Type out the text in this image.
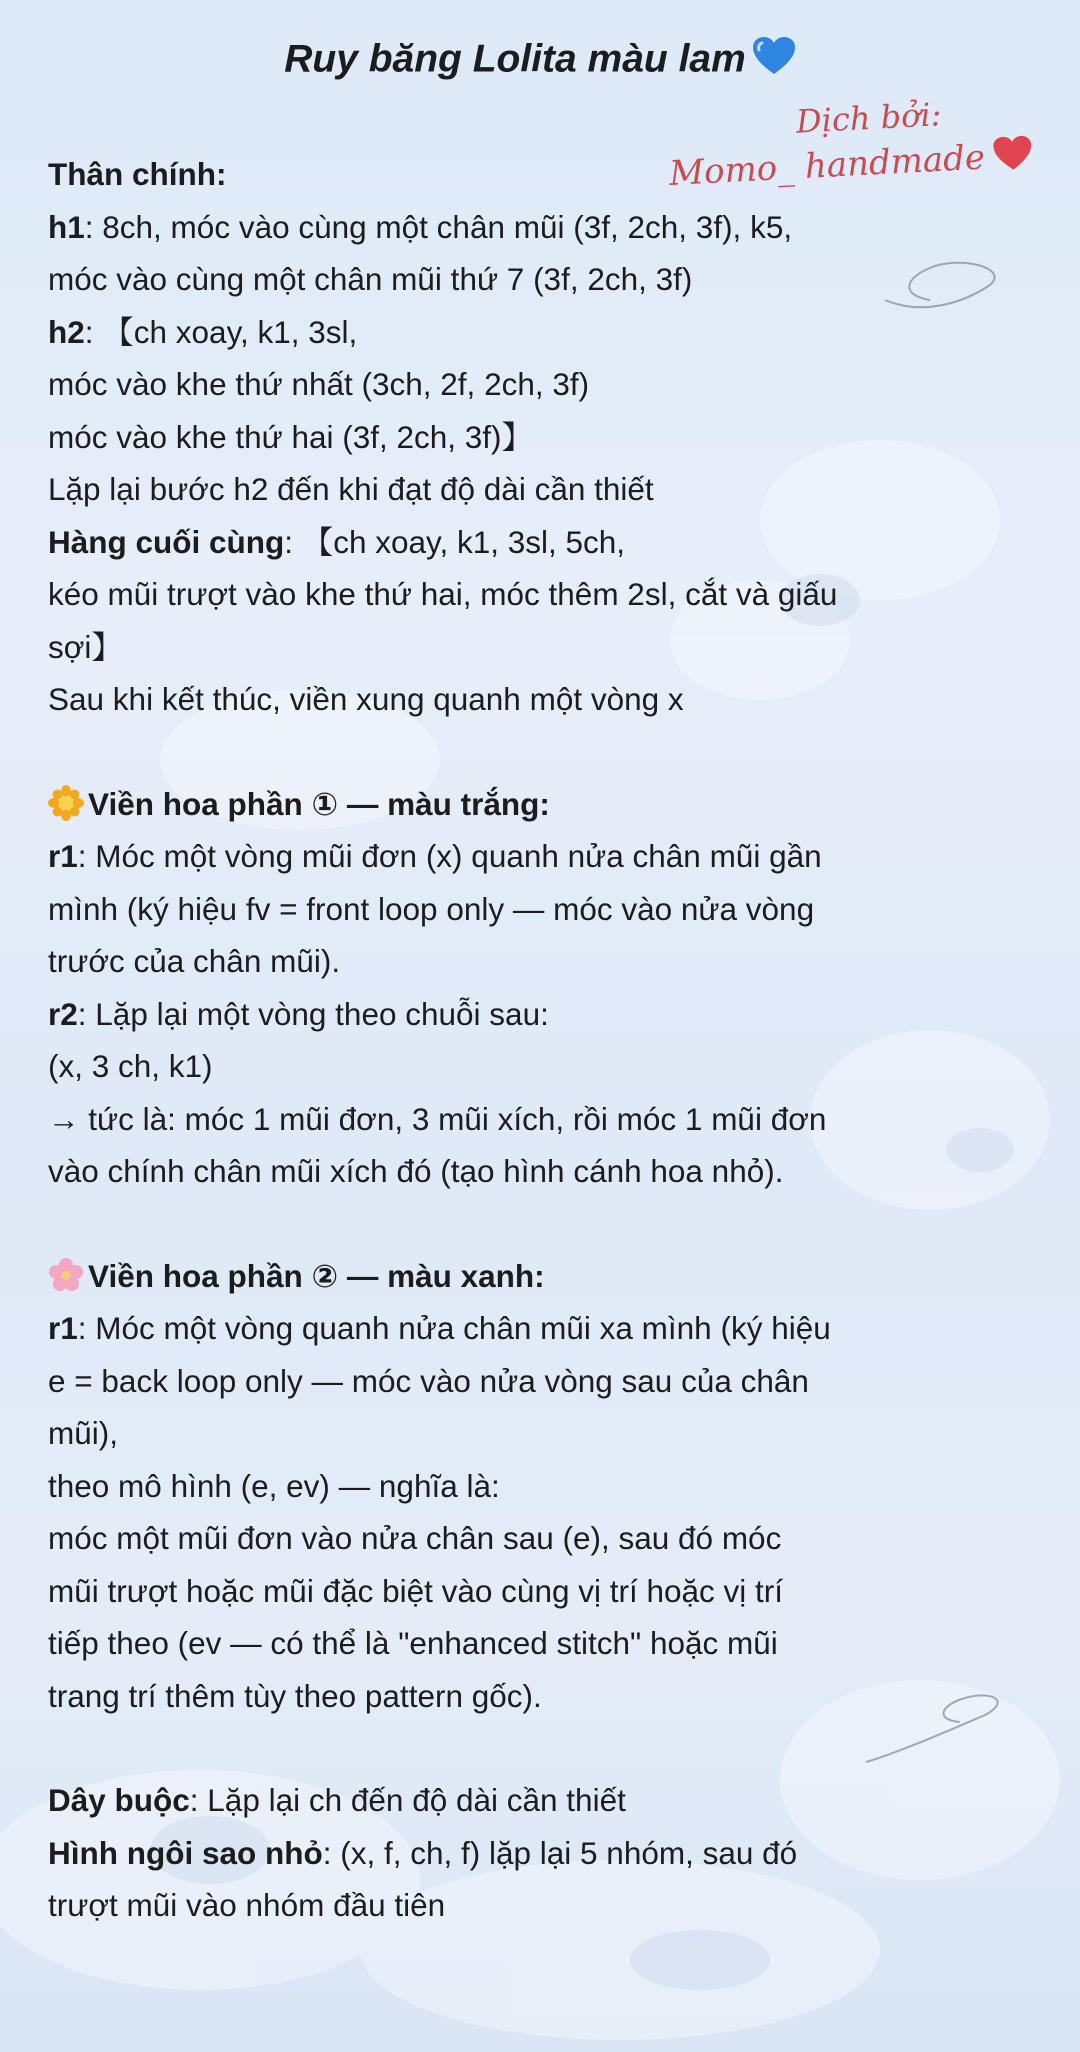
Ruy băng Lolita màu lam
Dịch bởi:
Momo_ handmade

Thân chính:

h1: 8ch, móc vào cùng một chân mũi (3f, 2ch, 3f), k5,

móc vào cùng một chân mũi thứ 7 (3f, 2ch, 3f)

h2: 【ch xoay, k1, 3sl,

móc vào khe thứ nhất (3ch, 2f, 2ch, 3f)

móc vào khe thứ hai (3f, 2ch, 3f)】

Lặp lại bước h2 đến khi đạt độ dài cần thiết

Hàng cuối cùng: 【ch xoay, k1, 3sl, 5ch,

kéo mũi trượt vào khe thứ hai, móc thêm 2sl, cắt và giấu

sợi】

Sau khi kết thúc, viền xung quanh một vòng x

Viền hoa phần ① — màu trắng:

r1: Móc một vòng mũi đơn (x) quanh nửa chân mũi gần

mình (ký hiệu fv = front loop only — móc vào nửa vòng

trước của chân mũi).

r2: Lặp lại một vòng theo chuỗi sau:

(x, 3 ch, k1)

→ tức là: móc 1 mũi đơn, 3 mũi xích, rồi móc 1 mũi đơn

vào chính chân mũi xích đó (tạo hình cánh hoa nhỏ).

Viền hoa phần ② — màu xanh:

r1: Móc một vòng quanh nửa chân mũi xa mình (ký hiệu

e = back loop only — móc vào nửa vòng sau của chân

mũi),

theo mô hình (e, ev) — nghĩa là:

móc một mũi đơn vào nửa chân sau (e), sau đó móc

mũi trượt hoặc mũi đặc biệt vào cùng vị trí hoặc vị trí

tiếp theo (ev — có thể là "enhanced stitch" hoặc mũi

trang trí thêm tùy theo pattern gốc).

Dây buộc: Lặp lại ch đến độ dài cần thiết

Hình ngôi sao nhỏ: (x, f, ch, f) lặp lại 5 nhóm, sau đó

trượt mũi vào nhóm đầu tiên
